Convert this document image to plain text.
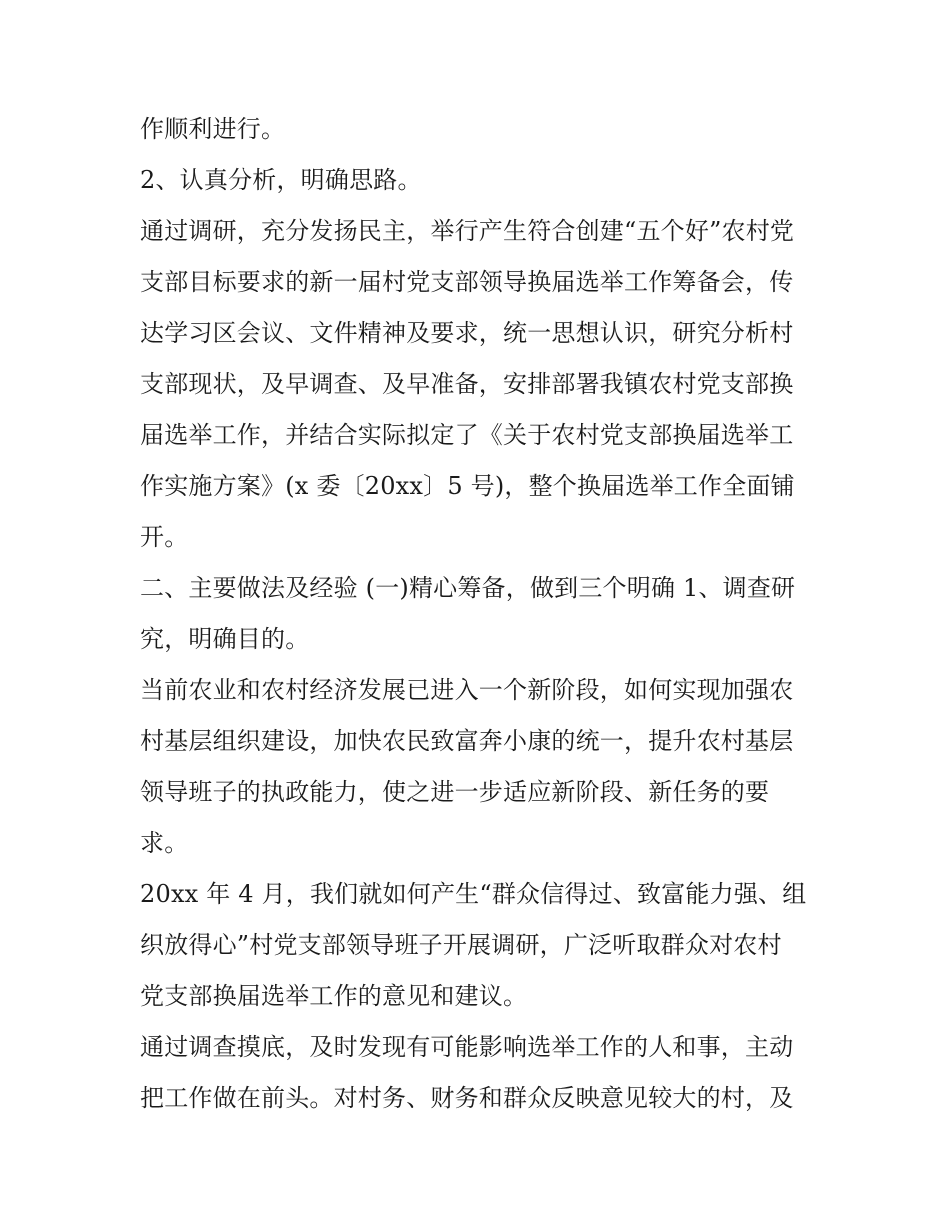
作顺利进行。
2、认真分析，明确思路。
通过调研，充分发扬民主，举行产生符合创建“五个好”农村党
支部目标要求的新一届村党支部领导换届选举工作筹备会，传
达学习区会议、文件精神及要求，统一思想认识，研究分析村
支部现状，及早调查、及早准备，安排部署我镇农村党支部换
届选举工作，并结合实际拟定了《关于农村党支部换届选举工
作实施方案》(x 委〔20xx〕5 号)，整个换届选举工作全面铺
开。
二、主要做法及经验 (一)精心筹备，做到三个明确 1、调查研
究，明确目的。
当前农业和农村经济发展已进入一个新阶段，如何实现加强农
村基层组织建设，加快农民致富奔小康的统一，提升农村基层
领导班子的执政能力，使之进一步适应新阶段、新任务的要
求。
20xx 年 4 月，我们就如何产生“群众信得过、致富能力强、组
织放得心”村党支部领导班子开展调研，广泛听取群众对农村
党支部换届选举工作的意见和建议。
通过调查摸底，及时发现有可能影响选举工作的人和事，主动
把工作做在前头。对村务、财务和群众反映意见较大的村，及
